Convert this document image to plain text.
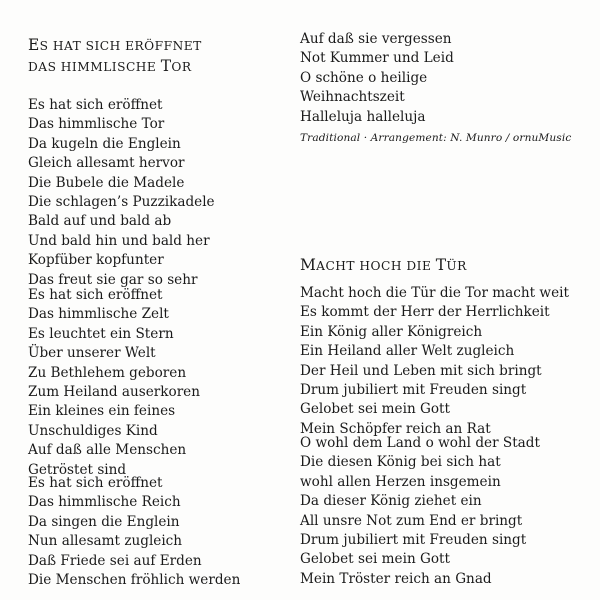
ES HAT SICH ERÖFFNET
DAS HIMMLISCHE TOR
Es hat sich eröffnet
Das himmlische Tor
Da kugeln die Englein
Gleich allesamt hervor
Die Bubele die Madele
Die schlagen’s Puzzikadele
Bald auf und bald ab
Und bald hin und bald her
Kopfüber kopfunter
Das freut sie gar so sehr
Es hat sich eröffnet
Das himmlische Zelt
Es leuchtet ein Stern
Über unserer Welt
Zu Bethlehem geboren
Zum Heiland auserkoren
Ein kleines ein feines
Unschuldiges Kind
Auf daß alle Menschen
Getröstet sind
Es hat sich eröffnet
Das himmlische Reich
Da singen die Englein
Nun allesamt zugleich
Daß Friede sei auf Erden
Die Menschen fröhlich werden
Auf daß sie vergessen
Not Kummer und Leid
O schöne o heilige
Weihnachtszeit
Halleluja halleluja
Traditional · Arrangement: N. Munro / ornuMusic
MACHT HOCH DIE TÜR
Macht hoch die Tür die Tor macht weit
Es kommt der Herr der Herrlichkeit
Ein König aller Königreich
Ein Heiland aller Welt zugleich
Der Heil und Leben mit sich bringt
Drum jubiliert mit Freuden singt
Gelobet sei mein Gott
Mein Schöpfer reich an Rat
O wohl dem Land o wohl der Stadt
Die diesen König bei sich hat
wohl allen Herzen insgemein
Da dieser König ziehet ein
All unsre Not zum End er bringt
Drum jubiliert mit Freuden singt
Gelobet sei mein Gott
Mein Tröster reich an Gnad
